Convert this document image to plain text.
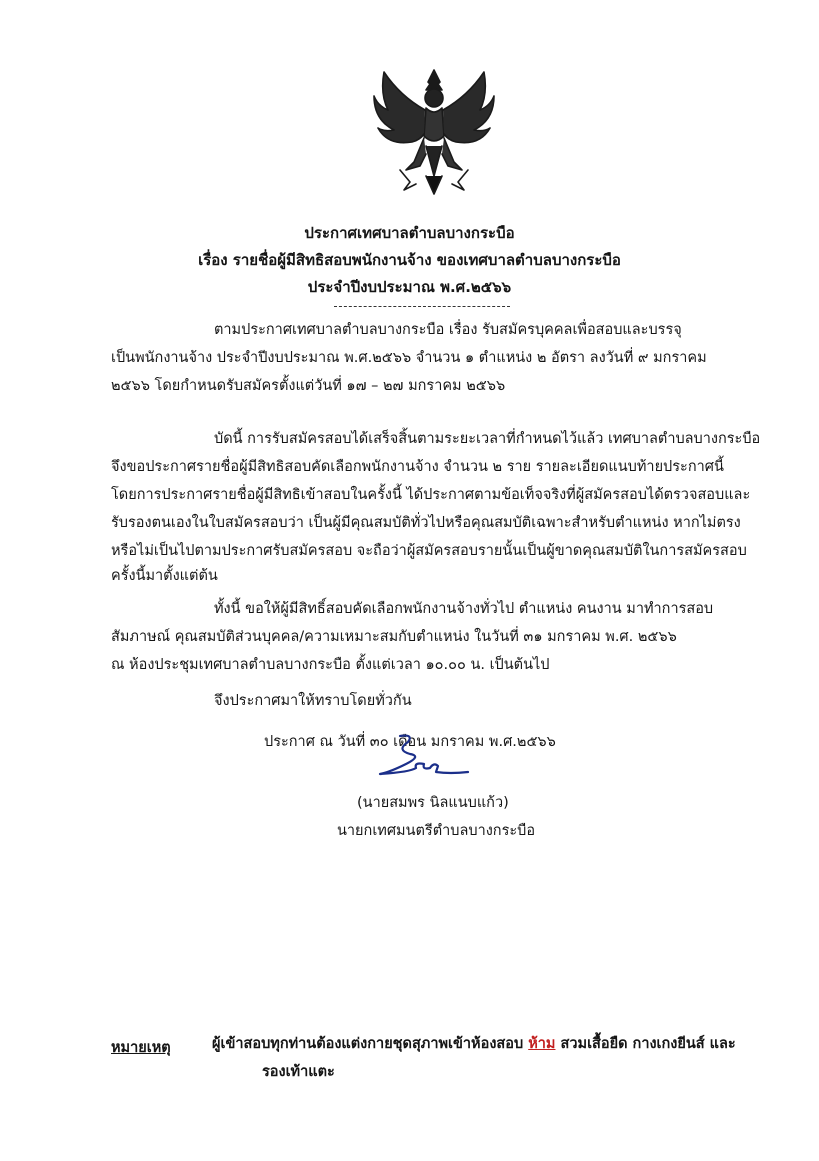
ประกาศเทศบาลตำบลบางกระบือ
เรื่อง รายชื่อผู้มีสิทธิสอบพนักงานจ้าง ของเทศบาลตำบลบางกระบือ
ประจำปีงบประมาณ พ.ศ.๒๕๖๖
ตามประกาศเทศบาลตำบลบางกระบือ เรื่อง รับสมัครบุคคลเพื่อสอบและบรรจุ
เป็นพนักงานจ้าง ประจำปีงบประมาณ พ.ศ.๒๕๖๖ จำนวน ๑ ตำแหน่ง ๒ อัตรา ลงวันที่ ๙ มกราคม
๒๕๖๖ โดยกำหนดรับสมัครตั้งแต่วันที่ ๑๗ – ๒๗ มกราคม ๒๕๖๖
บัดนี้ การรับสมัครสอบได้เสร็จสิ้นตามระยะเวลาที่กำหนดไว้แล้ว เทศบาลตำบลบางกระบือ
จึงขอประกาศรายชื่อผู้มีสิทธิสอบคัดเลือกพนักงานจ้าง จำนวน ๒ ราย รายละเอียดแนบท้ายประกาศนี้
โดยการประกาศรายชื่อผู้มีสิทธิเข้าสอบในครั้งนี้ ได้ประกาศตามข้อเท็จจริงที่ผู้สมัครสอบได้ตรวจสอบและ
รับรองตนเองในใบสมัครสอบว่า เป็นผู้มีคุณสมบัติทั่วไปหรือคุณสมบัติเฉพาะสำหรับตำแหน่ง หากไม่ตรง
หรือไม่เป็นไปตามประกาศรับสมัครสอบ จะถือว่าผู้สมัครสอบรายนั้นเป็นผู้ขาดคุณสมบัติในการสมัครสอบ
ครั้งนี้มาตั้งแต่ต้น
ทั้งนี้ ขอให้ผู้มีสิทธิ์สอบคัดเลือกพนักงานจ้างทั่วไป ตำแหน่ง คนงาน มาทำการสอบ
สัมภาษณ์ คุณสมบัติส่วนบุคคล/ความเหมาะสมกับตำแหน่ง ในวันที่ ๓๑ มกราคม พ.ศ. ๒๕๖๖
ณ ห้องประชุมเทศบาลตำบลบางกระบือ ตั้งแต่เวลา ๑๐.๐๐ น. เป็นต้นไป
จึงประกาศมาให้ทราบโดยทั่วกัน
ประกาศ ณ วันที่ ๓๐ เดือน มกราคม พ.ศ.๒๕๖๖
(นายสมพร นิลแนบแก้ว)
นายกเทศมนตรีตำบลบางกระบือ
หมายเหตุ	ผู้เข้าสอบทุกท่านต้องแต่งกายชุดสุภาพเข้าห้องสอบ ห้าม สวมเสื้อยืด กางเกงยีนส์ และ
รองเท้าแตะ
